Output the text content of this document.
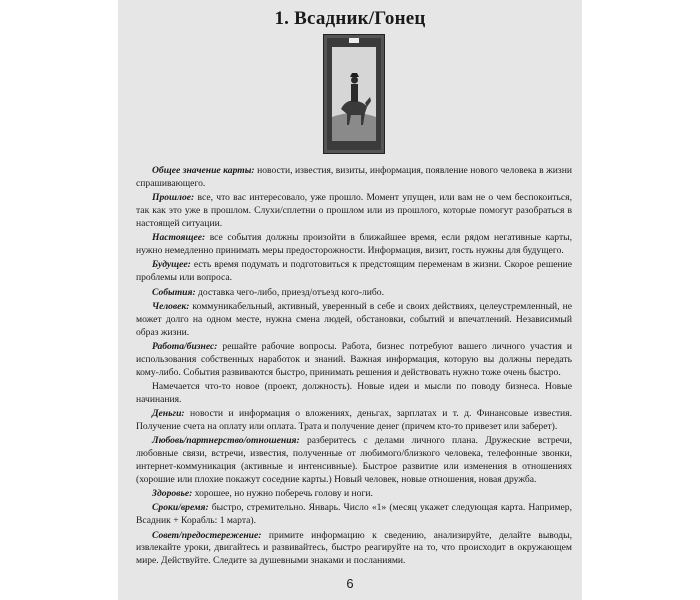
1. Всадник/Гонец

Общее значение карты: новости, известия, визиты, информация, появление нового человека в жизни спрашивающего.

Прошлое: все, что вас интересовало, уже прошло. Момент упущен, или вам не о чем беспокоиться, так как это уже в прошлом. Слухи/сплетни о прошлом или из прошлого, которые помогут разобраться в настоящей ситуации.

Настоящее: все события должны произойти в ближайшее время, если рядом негативные карты, нужно немедленно принимать меры предосторожности. Информация, визит, гость нужны для будущего.

Будущее: есть время подумать и подготовиться к предстоящим переменам в жизни. Скорое решение проблемы или вопроса.

События: доставка чего-либо, приезд/отъезд кого-либо.

Человек: коммуникабельный, активный, уверенный в себе и своих действиях, целеустремленный, не может долго на одном месте, нужна смена людей, обстановки, событий и впечатлений. Независимый образ жизни.

Работа/бизнес: решайте рабочие вопросы. Работа, бизнес потребуют вашего личного участия и использования собственных наработок и знаний. Важная информация, которую вы должны передать кому-либо. События развиваются быстро, принимать решения и действовать нужно тоже очень быстро.

Намечается что-то новое (проект, должность). Новые идеи и мысли по поводу бизнеса. Новые начинания.

Деньги: новости и информация о вложениях, деньгах, зарплатах и т. д. Финансовые известия. Получение счета на оплату или оплата. Трата и получение денег (причем кто-то привезет или заберет).

Любовь/партнерство/отношения: разберитесь с делами личного плана. Дружеские встречи, любовные связи, встречи, известия, полученные от любимого/близкого человека, телефонные звонки, интернет-коммуникация (активные и интенсивные). Быстрое развитие или изменения в отношениях (хорошие или плохие покажут соседние карты.) Новый человек, новые отношения, новая дружба.

Здоровье: хорошее, но нужно поберечь голову и ноги.

Сроки/время: быстро, стремительно. Январь. Число «1» (месяц укажет следующая карта. Например, Всадник + Корабль: 1 марта).

Совет/предостережение: примите информацию к сведению, анализируйте, делайте выводы, извлекайте уроки, двигайтесь и развивайтесь, быстро реагируйте на то, что происходит в окружающем мире. Действуйте. Следите за душевными знаками и посланиями.

6
